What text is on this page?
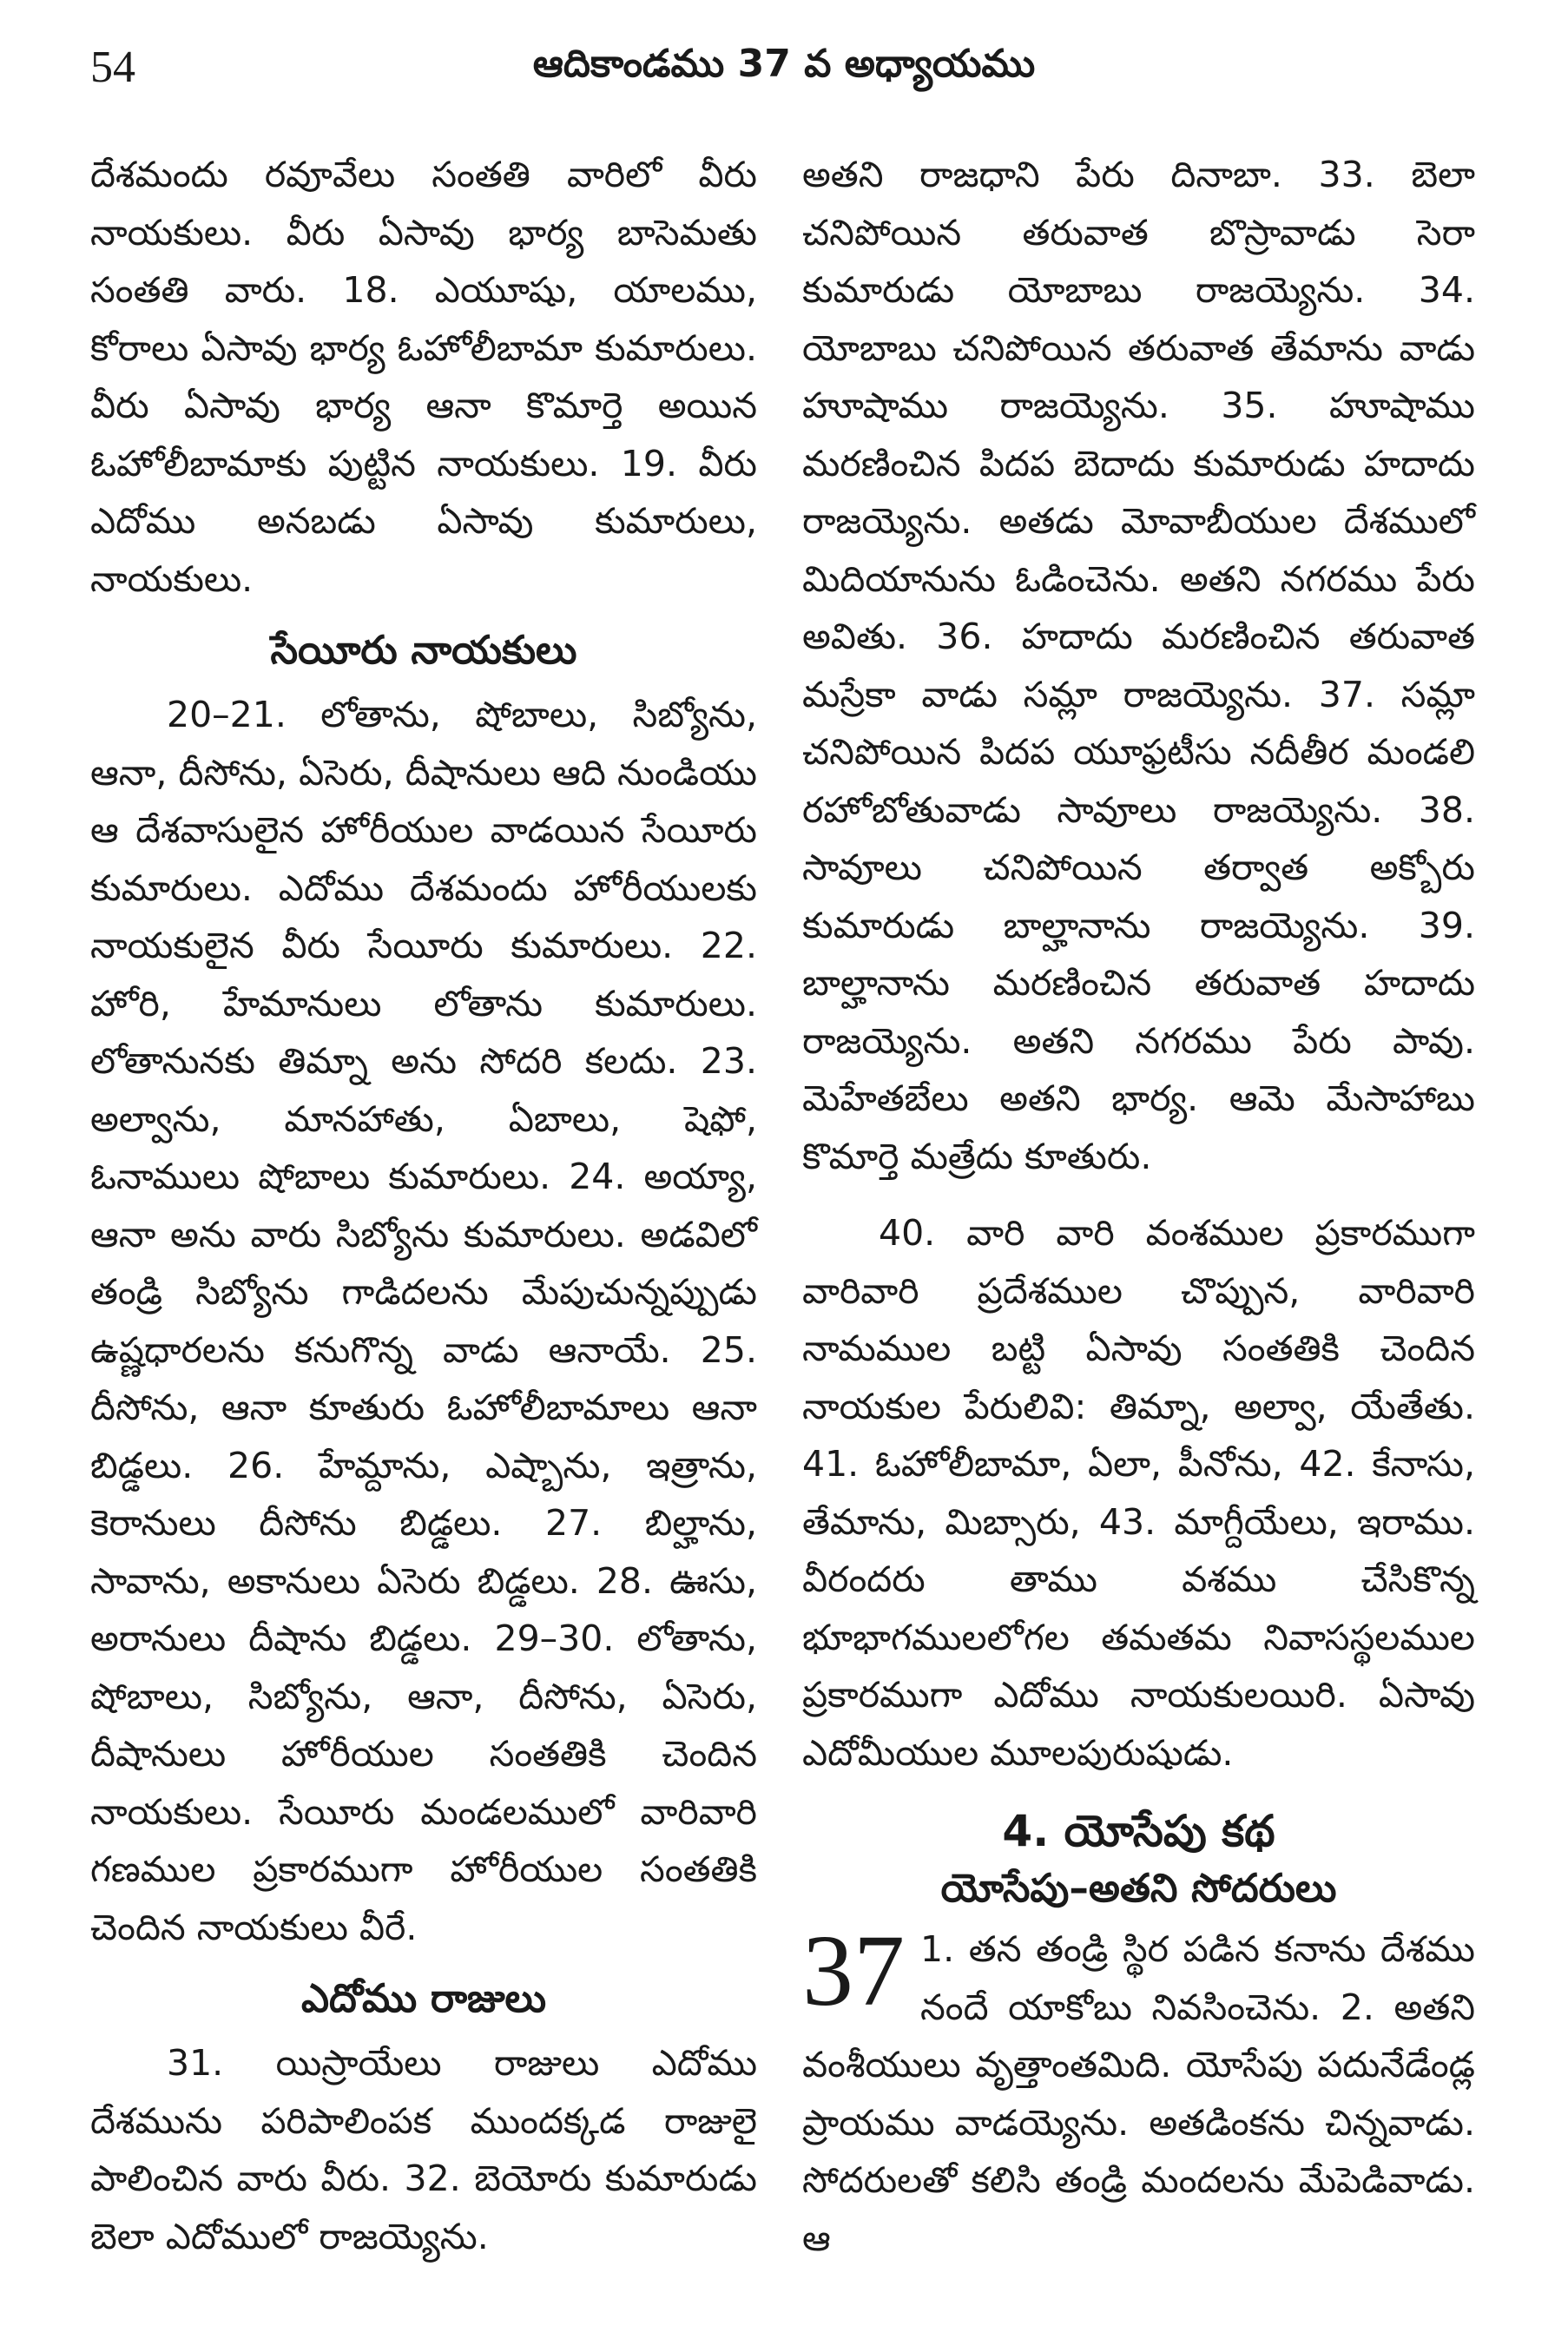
54	ఆదికాండము 37 వ అధ్యాయము

దేశమందు రవూవేలు సంతతి వారిలో వీరు నాయకులు. వీరు ఏసావు భార్య బాసెమతు సంతతి వారు. 18. ఎయూషు, యాలము, కోరాలు ఏసావు భార్య ఓహోలీబామా కుమారులు. వీరు ఏసావు భార్య ఆనా కొమార్తె అయిన ఓహోలీబామాకు పుట్టిన నాయకులు. 19. వీరు ఎదోము అనబడు ఏసావు కుమారులు, నాయకులు.

సేయీరు నాయకులు

20–21. లోతాను, షోబాలు, సిబ్యోను, ఆనా, దీసోను, ఏసెరు, దీషానులు ఆది నుండియు ఆ దేశవాసులైన హోరీయుల వాడయిన సేయీరు కుమారులు. ఎదోము దేశమందు హోరీయులకు నాయకులైన వీరు సేయీరు కుమారులు. 22. హోరి, హేమానులు లోతాను కుమారులు. లోతానునకు తిమ్నా అను సోదరి కలదు. 23. అల్వాను, మానహాతు, ఏబాలు, షెఫో, ఓనాములు షోబాలు కుమారులు. 24. అయ్యా, ఆనా అను వారు సిబ్యోను కుమారులు. అడవిలో తండ్రి సిబ్యోను గాడిదలను మేపుచున్నప్పుడు ఉష్ణధారలను కనుగొన్న వాడు ఆనాయే. 25. దీసోను, ఆనా కూతురు ఓహోలీబామాలు ఆనా బిడ్డలు. 26. హేమ్దాను, ఎష్బాను, ఇత్రాను, కెరానులు దీసోను బిడ్డలు. 27. బిల్హాను, సావాను, అకానులు ఏసెరు బిడ్డలు. 28. ఊసు, అరానులు దీషాను బిడ్డలు. 29–30. లోతాను, షోబాలు, సిబ్యోను, ఆనా, దీసోను, ఏసెరు, దీషానులు హోరీయుల సంతతికి చెందిన నాయకులు. సేయీరు మండలములో వారివారి గణముల ప్రకారముగా హోరీయుల సంతతికి చెందిన నాయకులు వీరే.

ఎదోము రాజులు

31. యిస్రాయేలు రాజులు ఎదోము దేశమును పరిపాలింపక ముందక్కడ రాజులై పాలించిన వారు వీరు. 32. బెయోరు కుమారుడు బెలా ఎదోములో రాజయ్యెను.

అతని రాజధాని పేరు దినాబా. 33. బెలా చనిపోయిన తరువాత బొస్రావాడు సెరా కుమారుడు యోబాబు రాజయ్యెను. 34. యోబాబు చనిపోయిన తరువాత తేమాను వాడు హూషాము రాజయ్యెను. 35. హూషాము మరణించిన పిదప బెదాదు కుమారుడు హదాదు రాజయ్యెను. అతడు మోవాబీయుల దేశములో మిదియానును ఓడించెను. అతని నగరము పేరు అవితు. 36. హదాదు మరణించిన తరువాత మస్రేకా వాడు సమ్లా రాజయ్యెను. 37. సమ్లా చనిపోయిన పిదప యూఫ్రటీసు నదీతీర మండలి రహోబోతువాడు సావూలు రాజయ్యెను. 38. సావూలు చనిపోయిన తర్వాత అక్బోరు కుమారుడు బాల్హానాను రాజయ్యెను. 39. బాల్హానాను మరణించిన తరువాత హదాదు రాజయ్యెను. అతని నగరము పేరు పావు. మెహేతబేలు అతని భార్య. ఆమె మేసాహాబు కొమార్తె మత్రేదు కూతురు.

40. వారి వారి వంశముల ప్రకారముగా వారివారి ప్రదేశముల చొప్పున, వారివారి నామముల బట్టి ఏసావు సంతతికి చెందిన నాయకుల పేరులివి: తిమ్నా, అల్వా, యేతేతు. 41. ఓహోలీబామా, ఏలా, పీనోను, 42. కేనాసు, తేమాను, మిబ్సారు, 43. మాగ్దీయేలు, ఇరాము. వీరందరు తాము వశము చేసికొన్న భూభాగములలోగల తమతమ నివాసస్థలముల ప్రకారముగా ఎదోము నాయకులయిరి. ఏసావు ఎదోమీయుల మూలపురుషుడు.

4. యోసేపు కథ
యోసేపు–అతని సోదరులు

37 1. తన తండ్రి స్థిర పడిన కనాను దేశము నందే యాకోబు నివసించెను. 2. అతని వంశీయులు వృత్తాంతమిది. యోసేపు పదునేడేండ్ల ప్రాయము వాడయ్యెను. అతడింకను చిన్నవాడు. సోదరులతో కలిసి తండ్రి మందలను మేపెడివాడు. ఆ
